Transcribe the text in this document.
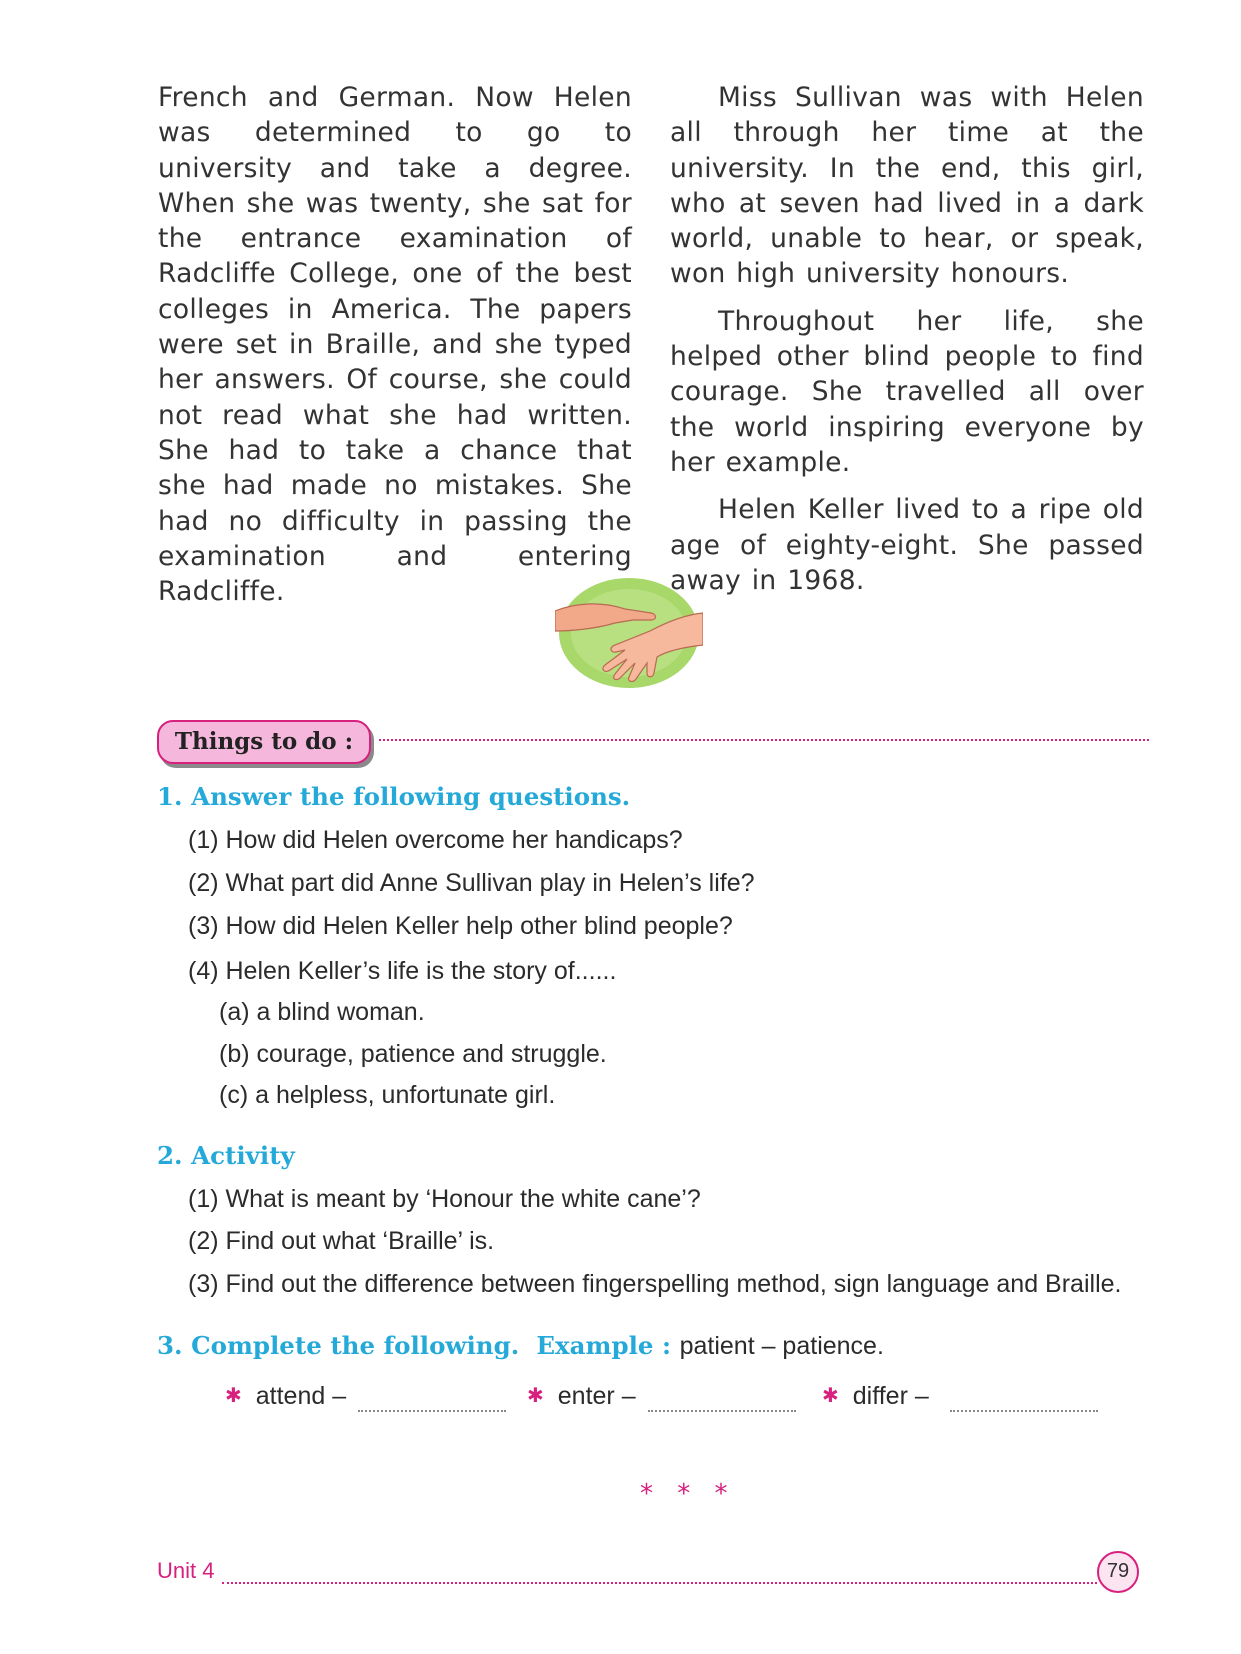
French and German. Now Helen was determined to go to university and take a degree. When she was twenty, she sat for the entrance examination of Radcliffe College, one of the best colleges in America. The papers were set in Braille, and she typed her answers. Of course, she could not read what she had written. She had to take a chance that she had made no mistakes. She had no difficulty in passing the examination and entering Radcliffe.

Miss Sullivan was with Helen all through her time at the university. In the end, this girl, who at seven had lived in a dark world, unable to hear, or speak, won high university honours.

Throughout her life, she helped other blind people to find courage. She travelled all over the world inspiring everyone by her example.

Helen Keller lived to a ripe old age of eighty-eight. She passed away in 1968.

Things to do :
1. Answer the following questions.
(1) How did Helen overcome her handicaps?
(2) What part did Anne Sullivan play in Helen’s life?
(3) How did Helen Keller help other blind people?
(4) Helen Keller’s life is the story of......
(a) a blind woman.
(b) courage, patience and struggle.
(c) a helpless, unfortunate girl.
2. Activity
(1) What is meant by ‘Honour the white cane’?
(2) Find out what ‘Braille’ is.
(3) Find out the difference between fingerspelling method, sign language and Braille.
3. Complete the following. Example : patient – patience.
✱ attend –	✱ enter –	✱ differ –
* * *
Unit 4	79
